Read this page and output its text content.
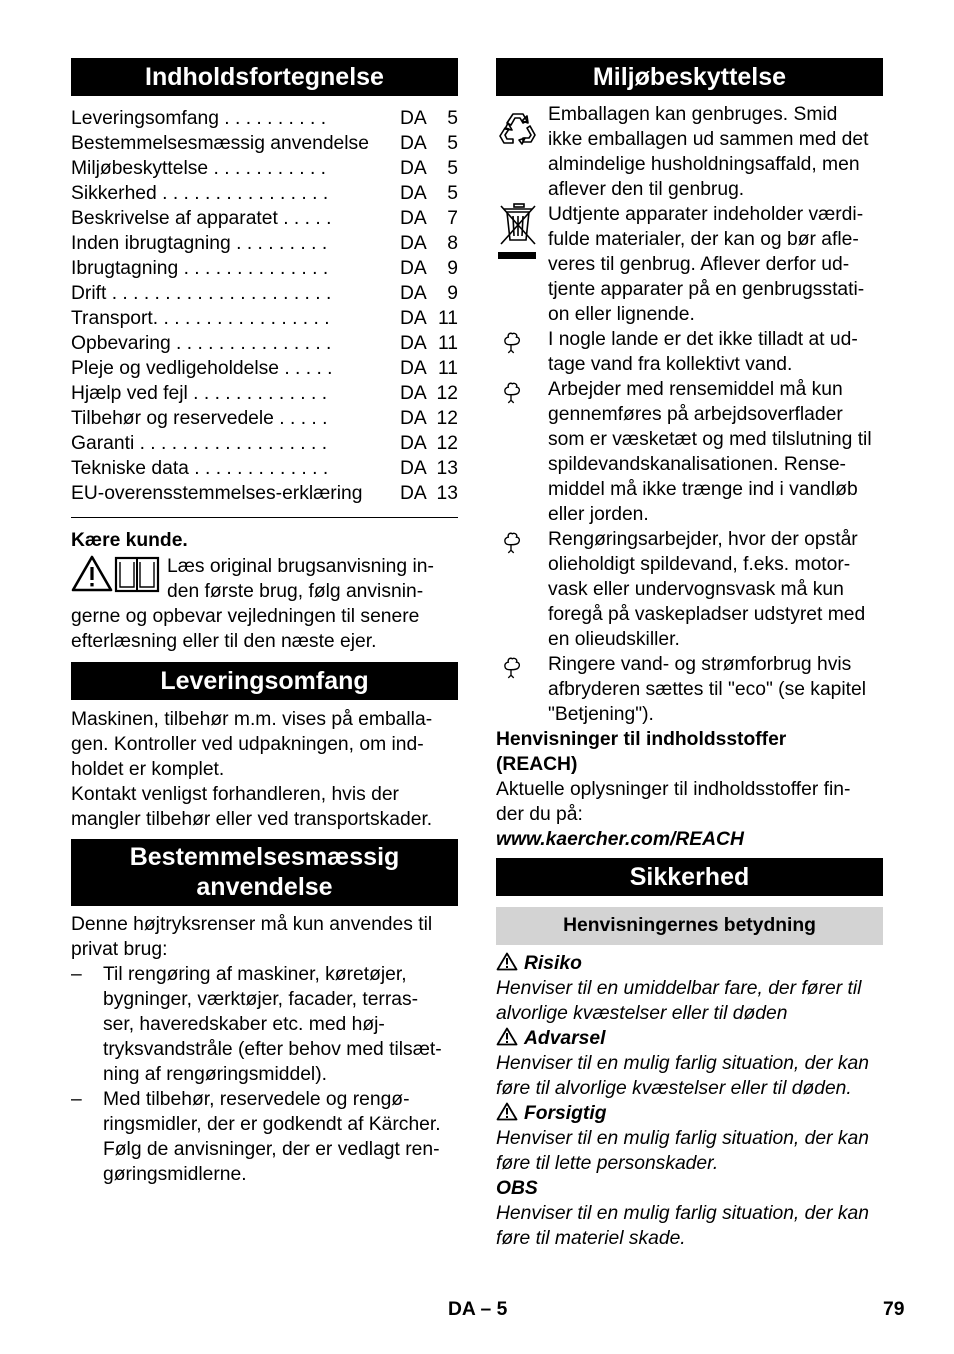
Indholdsfortegnelse
Leveringsomfang . . . . . . . . . .	DA 5
Bestemmelsesmæssig anvendelse DA 5
Miljøbeskyttelse . . . . . . . . . . .	DA 5
Sikkerhed . . . . . . . . . . . . . . . .	DA 5
Beskrivelse af apparatet . . . . .	DA 7
Inden ibrugtagning . . . . . . . . .	DA 8
Ibrugtagning . . . . . . . . . . . . . .	DA 9
Drift . . . . . . . . . . . . . . . . . . . . .	DA 9
Transport. . . . . . . . . . . . . . . . .	DA 11
Opbevaring . . . . . . . . . . . . . . .	DA 11
Pleje og vedligeholdelse . . . . .	DA 11
Hjælp ved fejl . . . . . . . . . . . . .	DA 12
Tilbehør og reservedele . . . . .	DA 12
Garanti . . . . . . . . . . . . . . . . . .	DA 12
Tekniske data . . . . . . . . . . . . .	DA 13
EU-overensstemmelses-erklæring DA 13

Kære kunde.

Læs original brugsanvisning in-

den første brug, følg anvisnin-

gerne og opbevar vejledningen til senere

efterlæsning eller til den næste ejer.

Leveringsomfang

Maskinen, tilbehør m.m. vises på emballa-

gen. Kontroller ved udpakningen, om ind-

holdet er komplet.

Kontakt venligst forhandleren, hvis der

mangler tilbehør eller ved transportskader.

Bestemmelsesmæssig
anvendelse

Denne højtryksrenser må kun anvendes til

privat brug:

– Til rengøring af maskiner, køretøjer,

bygninger, værktøjer, facader, terras-

ser, haveredskaber etc. med høj-

tryksvandstråle (efter behov med tilsæt-

ning af rengøringsmiddel).

– Med tilbehør, reservedele og rengø-

ringsmidler, der er godkendt af Kärcher.

Følg de anvisninger, der er vedlagt ren-

gøringsmidlerne.

Miljøbeskyttelse

Emballagen kan genbruges. Smid

ikke emballagen ud sammen med det

almindelige husholdningsaffald, men

aflever den til genbrug.

Udtjente apparater indeholder værdi-

fulde materialer, der kan og bør afle-

veres til genbrug. Aflever derfor ud-

tjente apparater på en genbrugsstati-

on eller lignende.

I nogle lande er det ikke tilladt at ud-

tage vand fra kollektivt vand.

Arbejder med rensemiddel må kun

gennemføres på arbejdsoverflader

som er væsketæt og med tilslutning til

spildevandskanalisationen. Rense-

middel må ikke trænge ind i vandløb

eller jorden.

Rengøringsarbejder, hvor der opstår

olieholdigt spildevand, f.eks. motor-

vask eller undervognsvask må kun

foregå på vaskepladser udstyret med

en olieudskiller.

Ringere vand- og strømforbrug hvis

afbryderen sættes til "eco" (se kapitel

"Betjening").

Henvisninger til indholdsstoffer

(REACH)

Aktuelle oplysninger til indholdsstoffer fin-

der du på:

www.kaercher.com/REACH

Sikkerhed
Henvisningernes betydning

Risiko

Henviser til en umiddelbar fare, der fører til

alvorlige kvæstelser eller til døden

Advarsel

Henviser til en mulig farlig situation, der kan

føre til alvorlige kvæstelser eller til døden.

Forsigtig

Henviser til en mulig farlig situation, der kan

føre til lette personskader.

OBS

Henviser til en mulig farlig situation, der kan

føre til materiel skade.

DA – 5	79
